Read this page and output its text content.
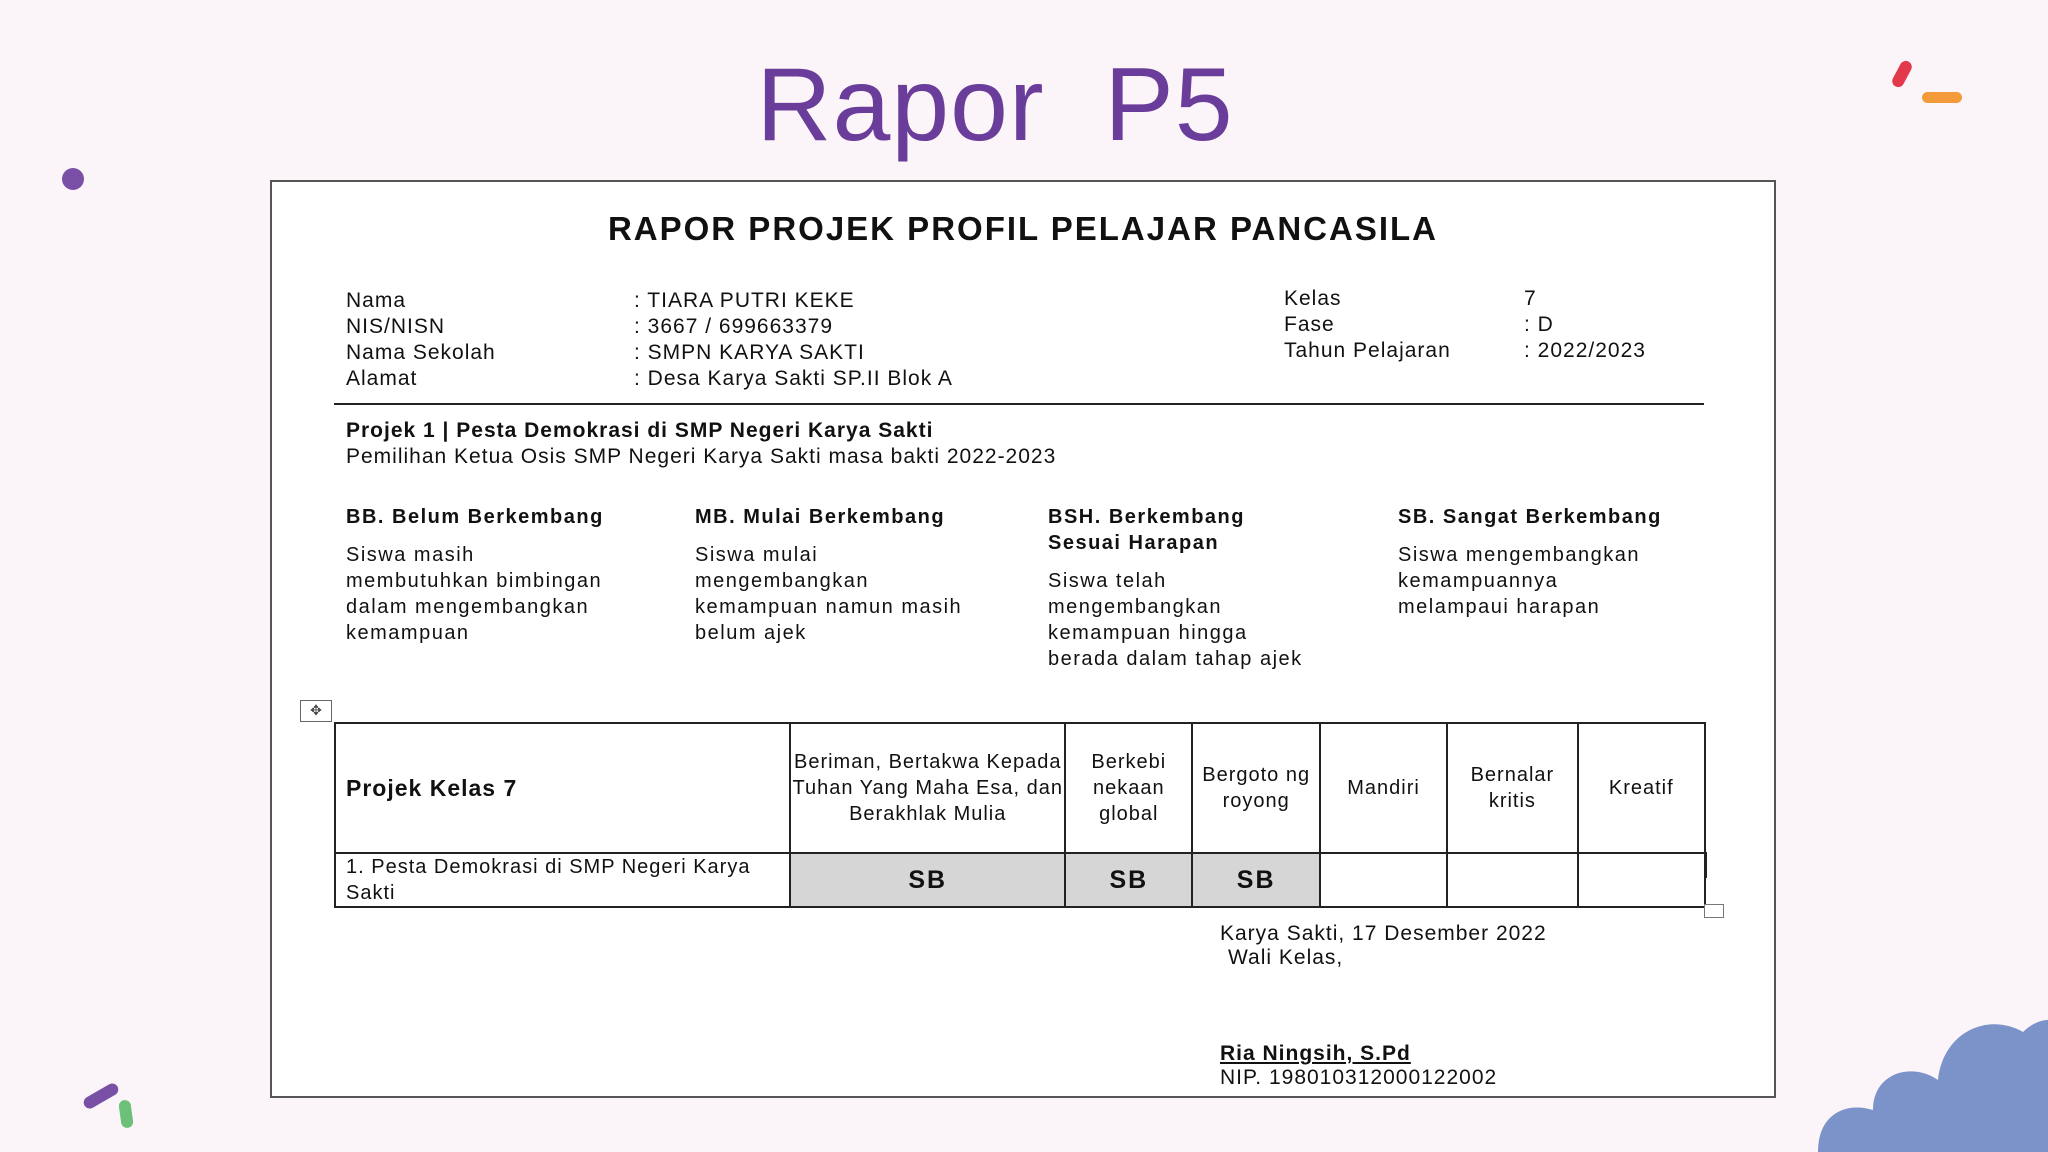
Rapor  P5
RAPOR PROJEK PROFIL PELAJAR PANCASILA
Nama	: TIARA PUTRI KEKE
NIS/NISN	: 3667 / 699663379
Nama Sekolah	: SMPN KARYA SAKTI
Alamat	: Desa Karya Sakti SP.II Blok A
Kelas	7
Fase	: D
Tahun Pelajaran	: 2022/2023
Projek 1 | Pesta Demokrasi di SMP Negeri Karya Sakti
Pemilihan Ketua Osis SMP Negeri Karya Sakti masa bakti 2022-2023
BB. Belum Berkembang
Siswa masih membutuhkan bimbingan dalam mengembangkan kemampuan
MB. Mulai Berkembang
Siswa mulai mengembangkan kemampuan namun masih belum ajek
BSH. Berkembang Sesuai Harapan
Siswa telah mengembangkan kemampuan hingga berada dalam tahap ajek
SB. Sangat Berkembang
Siswa mengembangkan kemampuannya melampaui harapan
✥
Projek Kelas 7	Beriman, Bertakwa Kepada Tuhan Yang Maha Esa, dan Berakhlak Mulia	Berkebi nekaan global	Bergoto ng royong	Mandiri	Bernalar kritis	Kreatif
1. Pesta Demokrasi di SMP Negeri Karya Sakti	SB	SB	SB			
Karya Sakti, 17 Desember 2022
Wali Kelas,
Ria Ningsih, S.Pd
NIP. 198010312000122002
